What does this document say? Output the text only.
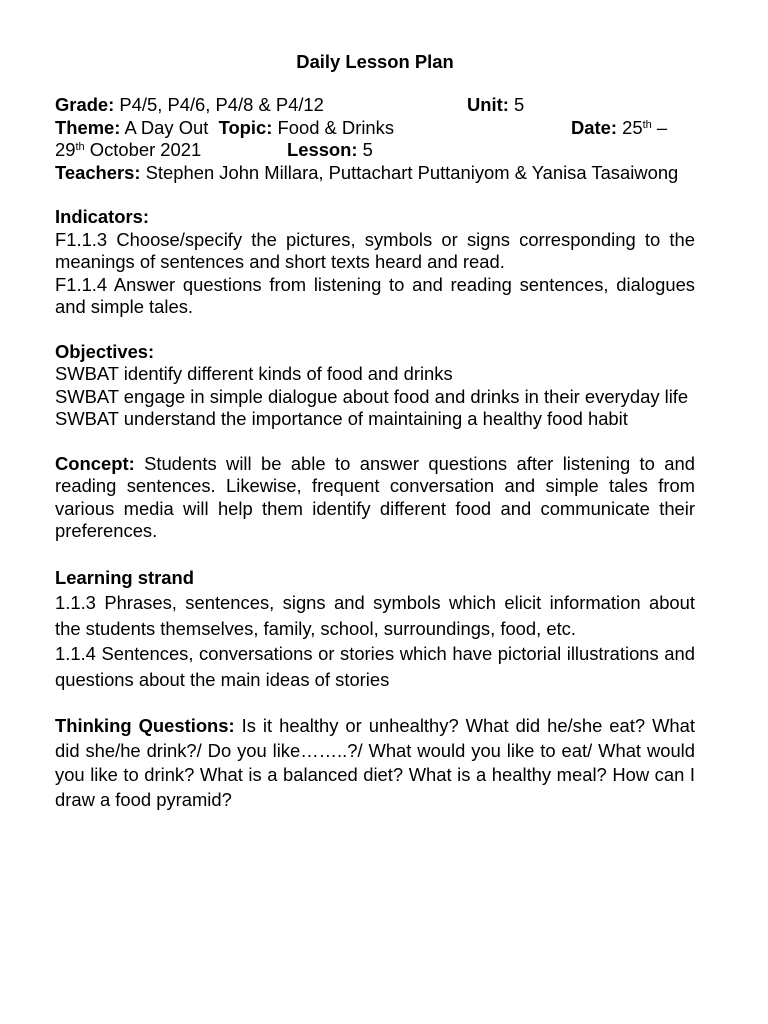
Daily Lesson Plan
Grade: P4/5, P4/6, P4/8 & P4/12	Unit: 5
Theme: A Day Out Topic: Food & Drinks	Date: 25th –
29th October 2021	Lesson: 5
Teachers: Stephen John Millara, Puttachart Puttaniyom & Yanisa Tasaiwong
Indicators:
F1.1.3 Choose/specify the pictures, symbols or signs corresponding to the meanings of sentences and short texts heard and read.
F1.1.4 Answer questions from listening to and reading sentences, dialogues and simple tales.
Objectives:
SWBAT identify different kinds of food and drinks
SWBAT engage in simple dialogue about food and drinks in their everyday life
SWBAT understand the importance of maintaining a healthy food habit
Concept: Students will be able to answer questions after listening to and reading sentences. Likewise, frequent conversation and simple tales from various media will help them identify different food and communicate their preferences.
Learning strand
1.1.3 Phrases, sentences, signs and symbols which elicit information about the students themselves, family, school, surroundings, food, etc.
1.1.4 Sentences, conversations or stories which have pictorial illustrations and questions about the main ideas of stories
Thinking Questions: Is it healthy or unhealthy? What did he/she eat? What did she/he drink?/ Do you like……..?/ What would you like to eat/ What would you like to drink? What is a balanced diet? What is a healthy meal? How can I draw a food pyramid?
